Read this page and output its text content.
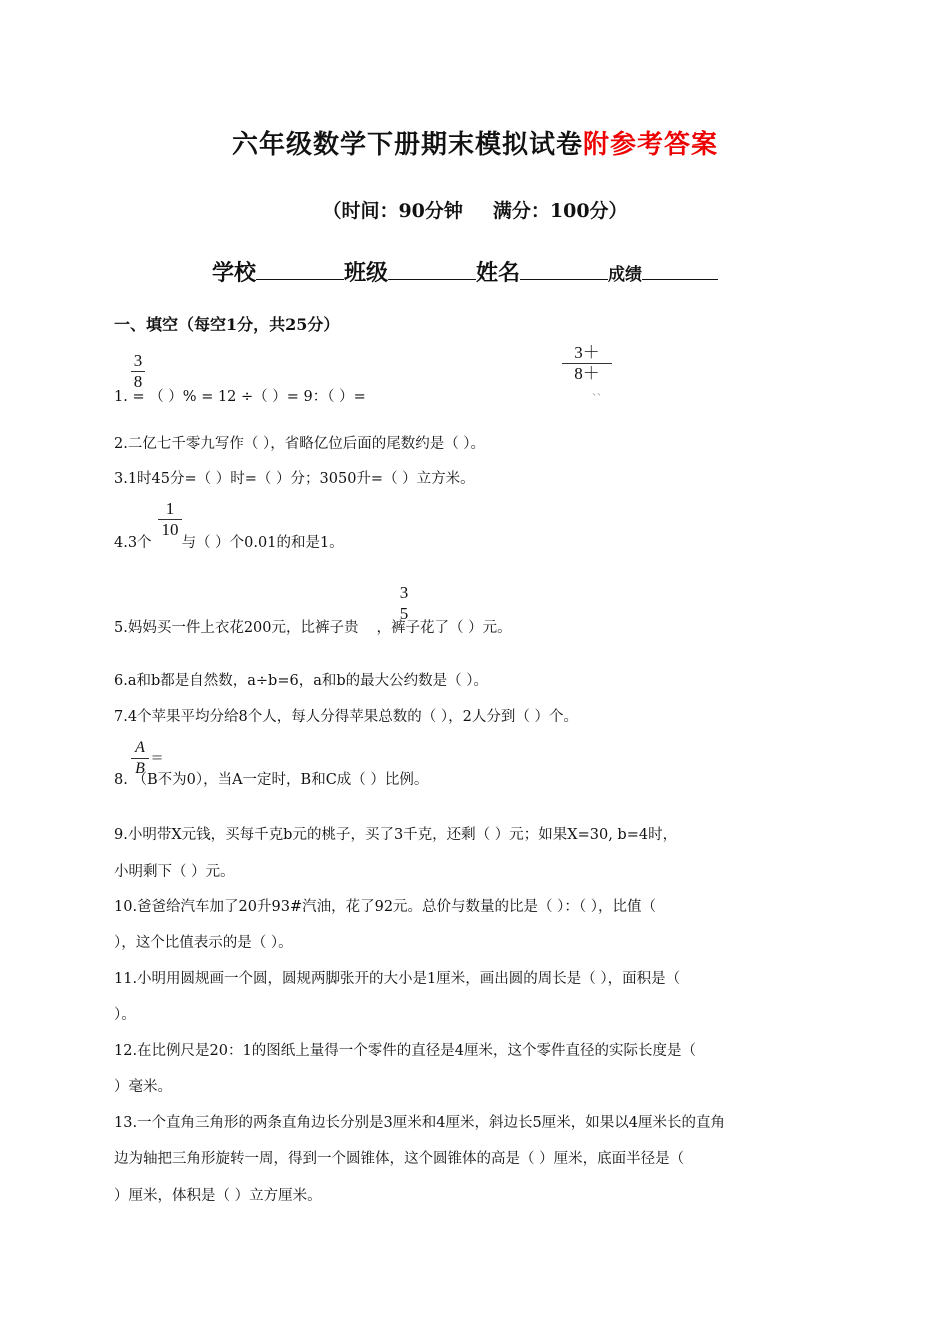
六年级数学下册期末模拟试卷附参考答案
（时间：90分钟 满分：100分）
学校	班级	姓名	成绩
一、填空（每空1分，共25分）
3
8
1. = （ ）% = 12 ÷（ ）= 9：（ ）=
3＋
8＋
、、
2.二亿七千零九写作（ ），省略亿位后面的尾数约是（ ）。
3.1时45分=（ ）时=（ ）分；3050升=（ ）立方米。
4.3个 与（ ）个0.01的和是1。
1
10
5.妈妈买一件上衣花200元，比裤子贵 ，裤子花了（ ）元。
3
5
6.a和b都是自然数，a÷b=6，a和b的最大公约数是（ ）。
7.4个苹果平均分给8个人，每人分得苹果总数的（ ），2人分到（ ）个。
A
B
=
8. （B不为0），当A一定时，B和C成（ ）比例。
9.小明带X元钱，买每千克b元的桃子，买了3千克，还剩（ ）元；如果X=30, b=4时，
小明剩下（ ）元。
10.爸爸给汽车加了20升93#汽油，花了92元。总价与数量的比是（ ）：（ ），比值（
），这个比值表示的是（ ）。
11.小明用圆规画一个圆，圆规两脚张开的大小是1厘米，画出圆的周长是（ ），面积是（
）。
12.在比例尺是20：1的图纸上量得一个零件的直径是4厘米，这个零件直径的实际长度是（
）毫米。
13.一个直角三角形的两条直角边长分别是3厘米和4厘米，斜边长5厘米，如果以4厘米长的直角
边为轴把三角形旋转一周，得到一个圆锥体，这个圆锥体的高是（ ）厘米，底面半径是（
）厘米，体积是（ ）立方厘米。
